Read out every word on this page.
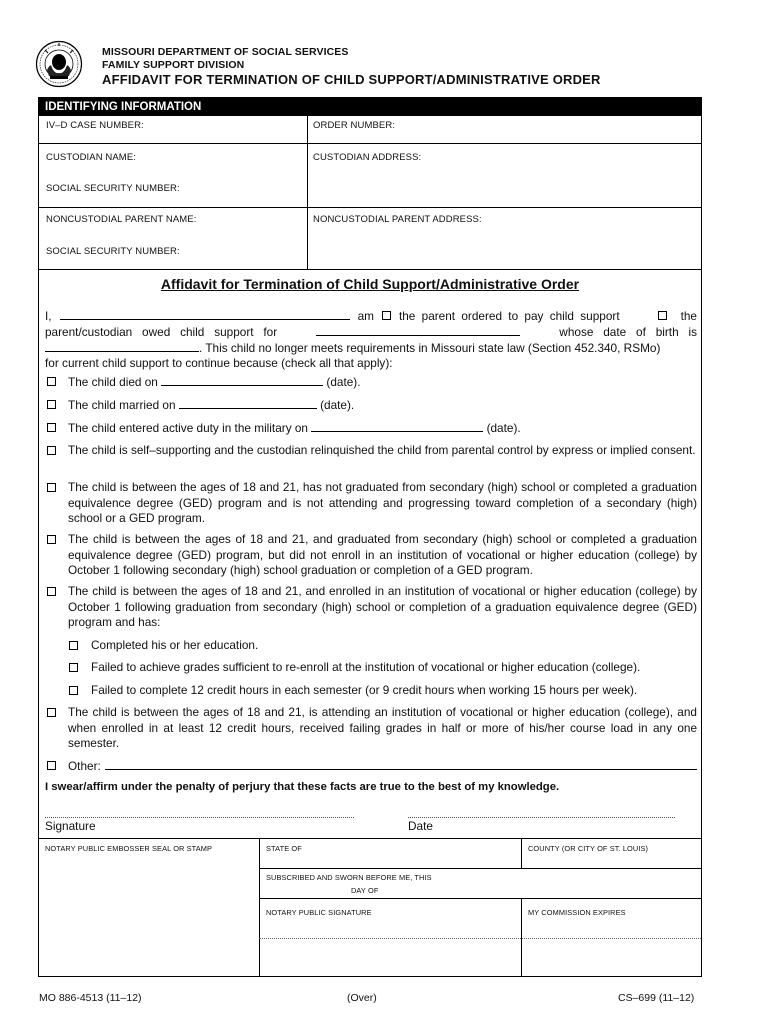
MISSOURI DEPARTMENT OF SOCIAL SERVICES
FAMILY SUPPORT DIVISION
AFFIDAVIT FOR TERMINATION OF CHILD SUPPORT/ADMINISTRATIVE ORDER
IDENTIFYING INFORMATION
IV–D CASE NUMBER:	ORDER NUMBER:
CUSTODIAN NAME:	CUSTODIAN ADDRESS:
SOCIAL SECURITY NUMBER:
NONCUSTODIAL PARENT NAME:	NONCUSTODIAL PARENT ADDRESS:
SOCIAL SECURITY NUMBER:
Affidavit for Termination of Child Support/Administrative Order
I,	am the parent ordered to pay child support	the
parent/custodian   owed   child   support   for	whose   date   of   birth   is
. This child no longer meets requirements in Missouri state law (Section 452.340, RSMo)
for current child support to continue because (check all that apply):
The child died on	(date).
The child married on	(date).
The child entered active duty in the military on	(date).
The child is self–supporting and the custodian relinquished the child from parental control by express or implied consent.
The child is between the ages of 18 and 21, has not graduated from secondary (high) school or completed a graduation equivalence degree (GED) program and is not attending and progressing toward completion of a secondary (high) school or a GED program.
The child is between the ages of 18 and 21, and graduated from secondary (high) school or completed a graduation equivalence degree (GED) program, but did not enroll in an institution of vocational or higher education (college) by October 1 following secondary (high) school graduation or completion of a GED program.
The child is between the ages of 18 and 21, and enrolled in an institution of vocational or higher education (college) by October 1 following graduation from secondary (high) school or completion of a graduation equivalence degree (GED) program and has:
Completed his or her education.
Failed to achieve grades sufficient to re-enroll at the institution of vocational or higher education (college).
Failed to complete 12 credit hours in each semester (or 9 credit hours when working 15 hours per week).
The child is between the ages of 18 and 21, is attending an institution of vocational or higher education (college), and when enrolled in at least 12 credit hours, received failing grades in half or more of his/her course load in any one semester.
Other:
I swear/affirm under the penalty of perjury that these facts are true to the best of my knowledge.
Signature	Date
NOTARY PUBLIC EMBOSSER SEAL OR STAMP	STATE OF	COUNTY (OR CITY OF ST. LOUIS)
SUBSCRIBED AND SWORN BEFORE ME, THIS
DAY OF
NOTARY PUBLIC SIGNATURE	MY COMMISSION EXPIRES
MO 886-4513 (11–12)	(Over)	CS–699 (11–12)
